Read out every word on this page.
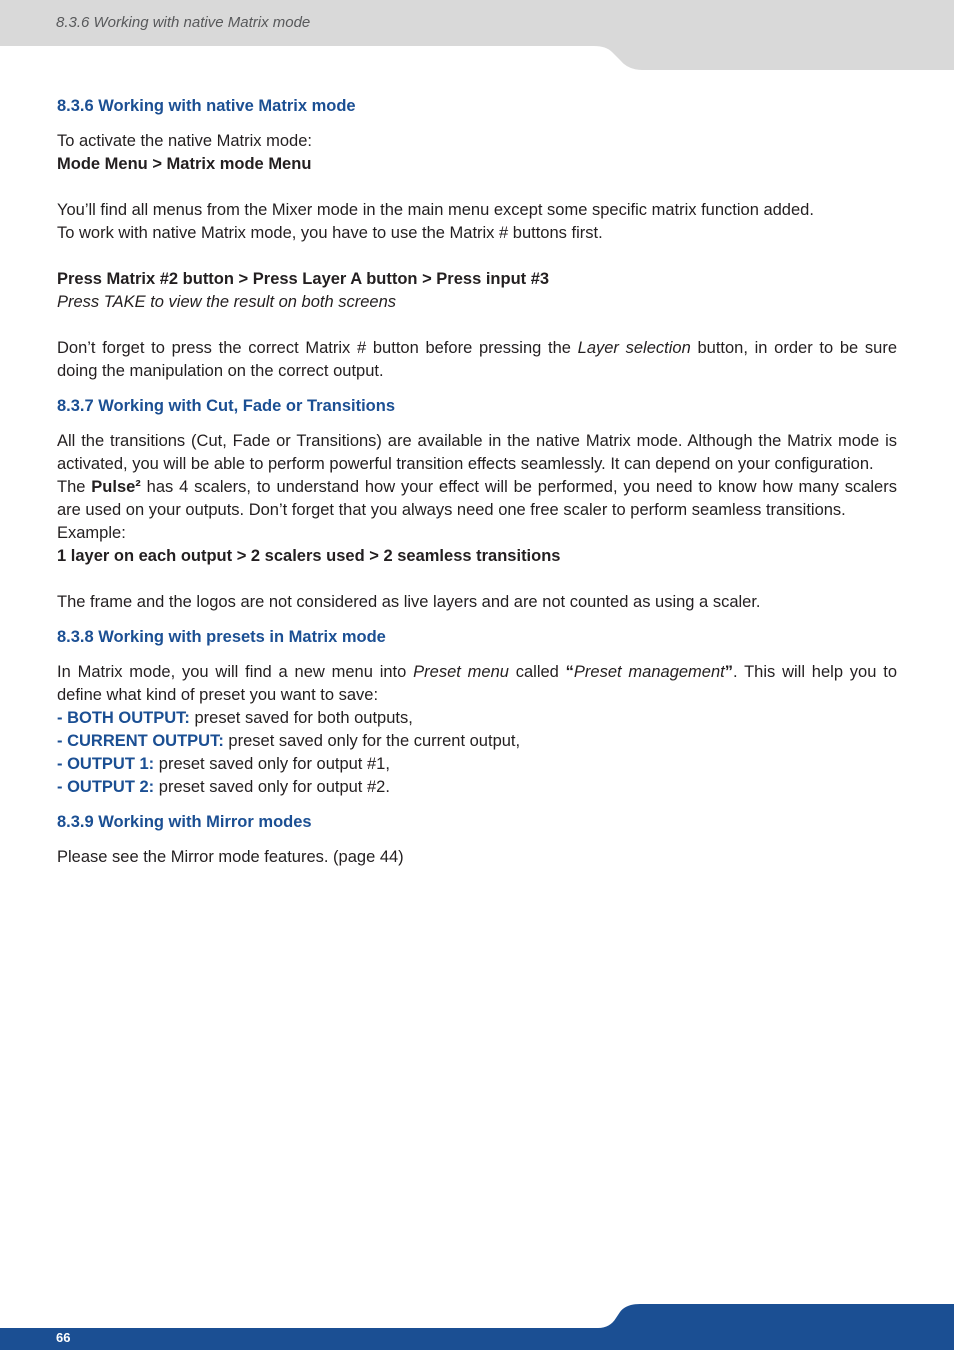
8.3.6 Working with native Matrix mode
66
8.3.6 Working with native Matrix mode

To activate the native Matrix mode:

Mode Menu > Matrix mode Menu

You’ll find all menus from the Mixer mode in the main menu except some specific matrix function added.

To work with native Matrix mode, you have to use the Matrix # buttons first.

Press Matrix #2 button > Press Layer A button > Press input #3

Press TAKE to view the result on both screens

Don’t forget to press the correct Matrix # button before pressing the Layer selection button, in order to be sure doing the manipulation on the correct output.

8.3.7 Working with Cut, Fade or Transitions

All the transitions (Cut, Fade or Transitions) are available in the native Matrix mode. Although the Matrix mode is activated, you will be able to perform powerful transition effects seamlessly. It can depend on your configuration.

The Pulse² has 4 scalers, to understand how your effect will be performed, you need to know how many scalers are used on your outputs. Don’t forget that you always need one free scaler to perform seamless transitions.

Example:

1 layer on each output > 2 scalers used > 2 seamless transitions

The frame and the logos are not considered as live layers and are not counted as using a scaler.

8.3.8 Working with presets in Matrix mode

In Matrix mode, you will find a new menu into Preset menu called “Preset management”. This will help you to define what kind of preset you want to save:

- BOTH OUTPUT: preset saved for both outputs,

- CURRENT OUTPUT: preset saved only for the current output,

- OUTPUT 1: preset saved only for output #1,

- OUTPUT 2: preset saved only for output #2.

8.3.9 Working with Mirror modes

Please see the Mirror mode features. (page 44)
